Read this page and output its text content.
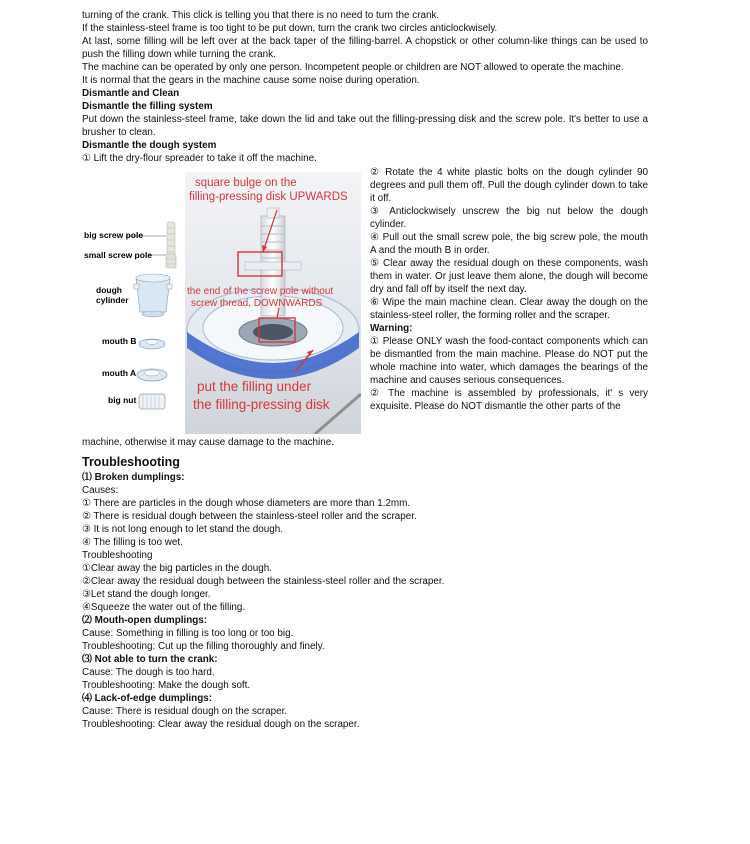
turning of the crank. This click is telling you that there is no need to turn the crank.

If the stainless-steel frame is too tight to be put down, turn the crank two circles anticlockwisely.

At last, some filling will be left over at the back taper of the filling-barrel. A chopstick or other column-like things can be used to push the filling down while turning the crank.

The machine can be operated by only one person. Incompetent people or children are NOT allowed to operate the machine.

It is normal that the gears in the machine cause some noise during operation.

Dismantle and Clean

Dismantle the filling system

Put down the stainless-steel frame, take down the lid and take out the filling-pressing disk and the screw pole. It's better to use a brusher to clean.

Dismantle the dough system

① Lift the dry-flour spreader to take it off the machine.

big screw pole
small screw pole
dough
cylinder
mouth B
mouth A
big nut
square bulge on the
filling-pressing disk UPWARDS
the end of the screw pole without
screw thread, DOWNWARDS
put the filling under
the filling-pressing disk

② Rotate the 4 white plastic bolts on the dough cylinder 90 degrees and pull them off. Pull the dough cylinder down to take it off.

③ Anticlockwisely unscrew the big nut below the dough cylinder.

④ Pull out the small screw pole, the big screw pole, the mouth A and the mouth B in order.

⑤ Clear away the residual dough on these components, wash them in water. Or just leave them alone, the dough will become dry and fall off by itself the next day.

⑥ Wipe the main machine clean. Clear away the dough on the stainless-steel roller, the forming roller and the scraper.

Warning:

① Please ONLY wash the food-contact components which can be dismantled from the main machine. Please do NOT put the whole machine into water, which damages the bearings of the machine and causes serious consequences.

② The machine is assembled by professionals, it' s very exquisite. Please do NOT dismantle the other parts of the

machine, otherwise it may cause damage to the machine.

Troubleshooting

⑴ Broken dumplings:

Causes:

① There are particles in the dough whose diameters are more than 1.2mm.

② There is residual dough between the stainless-steel roller and the scraper.

③ It is not long enough to let stand the dough.

④ The filling is too wet.

Troubleshooting

①Clear away the big particles in the dough.

②Clear away the residual dough between the stainless-steel roller and the scraper.

③Let stand the dough longer.

④Squeeze the water out of the filling.

⑵ Mouth-open dumplings:

Cause: Something in filling is too long or too big.

Troubleshooting: Cut up the filling thoroughly and finely.

⑶ Not able to turn the crank:

Cause: The dough is too hard.

Troubleshooting: Make the dough soft.

⑷ Lack-of-edge dumplings:

Cause: There is residual dough on the scraper.

Troubleshooting: Clear away the residual dough on the scraper.
